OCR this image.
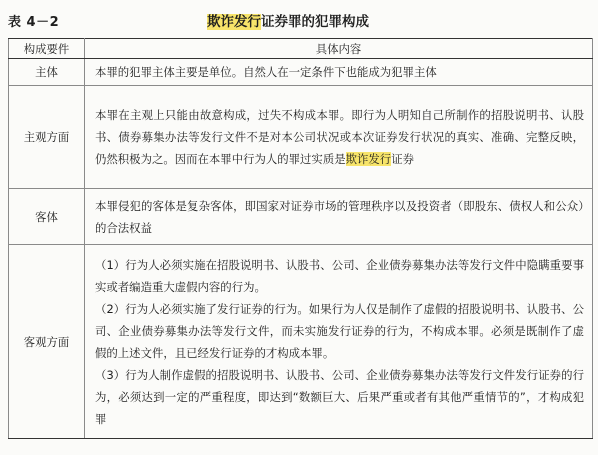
表 4－2	欺诈发行证券罪的犯罪构成
构成要件	具体内容
主体	本罪的犯罪主体主要是单位。自然人在一定条件下也能成为犯罪主体

主观方面	本罪在主观上只能由故意构成，过失不构成本罪。即行为人明知自己所制作的招股说明书、认股书、债券募集办法等发行文件不是对本公司状况或本次证券发行状况的真实、准确、完整反映，仍然积极为之。因而在本罪中行为人的罪过实质是欺诈发行证券

客体	本罪侵犯的客体是复杂客体，即国家对证券市场的管理秩序以及投资者（即股东、债权人和公众）的合法权益

客观方面	（1）行为人必须实施在招股说明书、认股书、公司、企业债券募集办法等发行文件中隐瞒重要事实或者编造重大虚假内容的行为。

（2）行为人必须实施了发行证券的行为。如果行为人仅是制作了虚假的招股说明书、认股书、公司、企业债券募集办法等发行文件，而未实施发行证券的行为，不构成本罪。必须是既制作了虚假的上述文件，且已经发行证券的才构成本罪。

（3）行为人制作虚假的招股说明书、认股书、公司、企业债券募集办法等发行文件发行证券的行为，必须达到一定的严重程度，即达到“数额巨大、后果严重或者有其他严重情节的”，才构成犯罪
